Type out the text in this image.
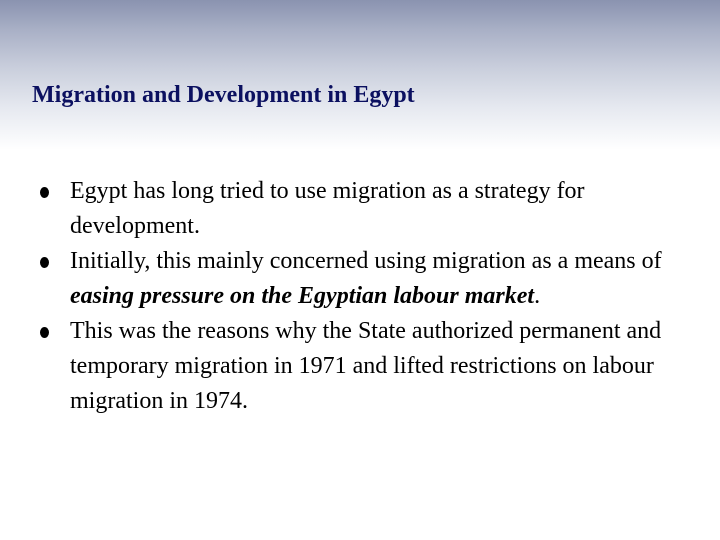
Migration and Development in Egypt
Egypt has long tried to use migration as a strategy for development.
Initially, this mainly concerned using migration as a means of easing pressure on the Egyptian labour market.
This was the reasons why the State authorized permanent and temporary migration in 1971 and lifted restrictions on labour migration in 1974.
